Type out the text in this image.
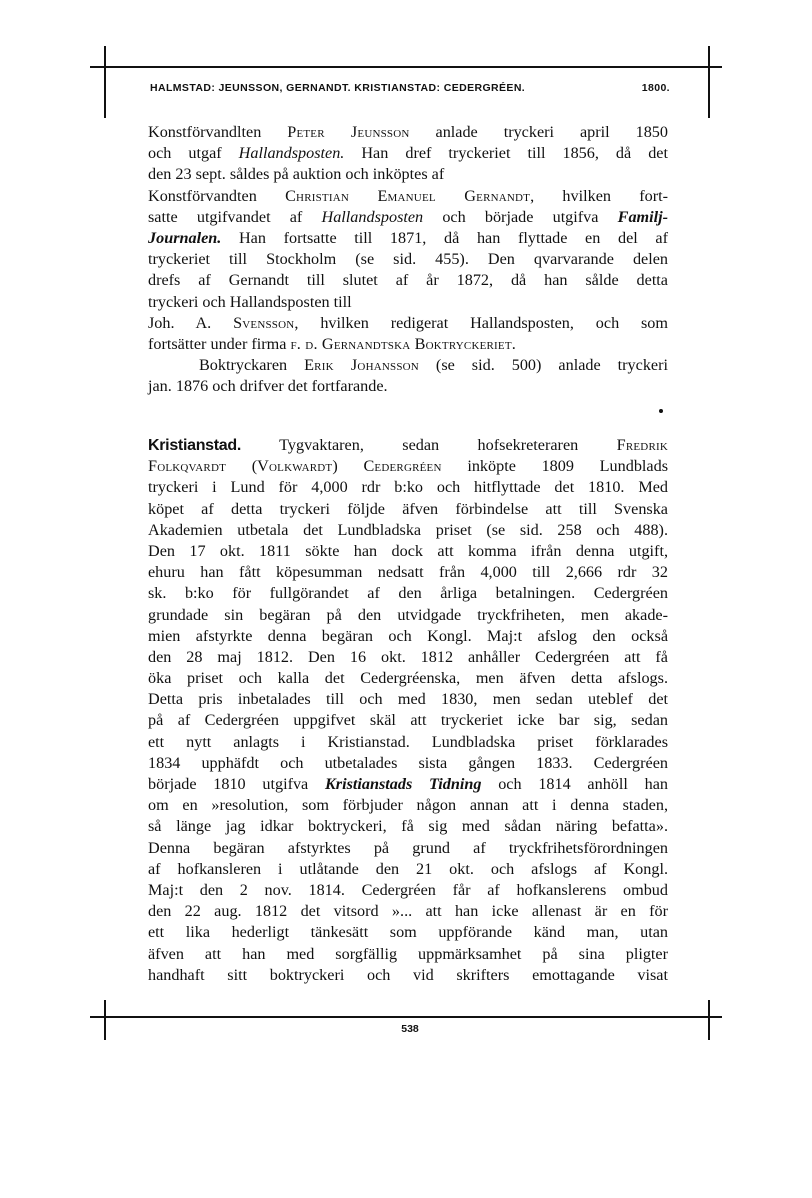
HALMSTAD: JEUNSSON, GERNANDT. KRISTIANSTAD: CEDERGRÉEN.	1800.
Konstförvandlten Peter Jeunsson anlade tryckeri april 1850
och utgaf Hallandsposten. Han dref tryckeriet till 1856, då det
den 23 sept. såldes på auktion och inköptes af
Konstförvandten Christian Emanuel Gernandt, hvilken fort-
satte utgifvandet af Hallandsposten och började utgifva Familj-
Journalen. Han fortsatte till 1871, då han flyttade en del af
tryckeriet till Stockholm (se sid. 455). Den qvarvarande delen
drefs af Gernandt till slutet af år 1872, då han sålde detta
tryckeri och Hallandsposten till
Joh. A. Svensson, hvilken redigerat Hallandsposten, och som
fortsätter under firma f. d. Gernandtska Boktryckeriet.
Boktryckaren Erik Johansson (se sid. 500) anlade tryckeri
jan. 1876 och drifver det fortfarande.
Kristianstad. Tygvaktaren, sedan hofsekreteraren Fredrik
Folkqvardt (Volkwardt) Cedergréen inköpte 1809 Lundblads
tryckeri i Lund för 4,000 rdr b:ko och hitflyttade det 1810. Med
köpet af detta tryckeri följde äfven förbindelse att till Svenska
Akademien utbetala det Lundbladska priset (se sid. 258 och 488).
Den 17 okt. 1811 sökte han dock att komma ifrån denna utgift,
ehuru han fått köpesumman nedsatt från 4,000 till 2,666 rdr 32
sk. b:ko för fullgörandet af den årliga betalningen. Cedergréen
grundade sin begäran på den utvidgade tryckfriheten, men akade-
mien afstyrkte denna begäran och Kongl. Maj:t afslog den också
den 28 maj 1812. Den 16 okt. 1812 anhåller Cedergréen att få
öka priset och kalla det Cedergréenska, men äfven detta afslogs.
Detta pris inbetalades till och med 1830, men sedan uteblef det
på af Cedergréen uppgifvet skäl att tryckeriet icke bar sig, sedan
ett nytt anlagts i Kristianstad. Lundbladska priset förklarades
1834 upphäfdt och utbetalades sista gången 1833. Cedergréen
började 1810 utgifva Kristianstads Tidning och 1814 anhöll han
om en »resolution, som förbjuder någon annan att i denna staden,
så länge jag idkar boktryckeri, få sig med sådan näring befatta».
Denna begäran afstyrktes på grund af tryckfrihetsförordningen
af hofkansleren i utlåtande den 21 okt. och afslogs af Kongl.
Maj:t den 2 nov. 1814. Cedergréen får af hofkanslerens ombud
den 22 aug. 1812 det vitsord »... att han icke allenast är en för
ett lika hederligt tänkesätt som uppförande känd man, utan
äfven att han med sorgfällig uppmärksamhet på sina pligter
handhaft sitt boktryckeri och vid skrifters emottagande visat
538
